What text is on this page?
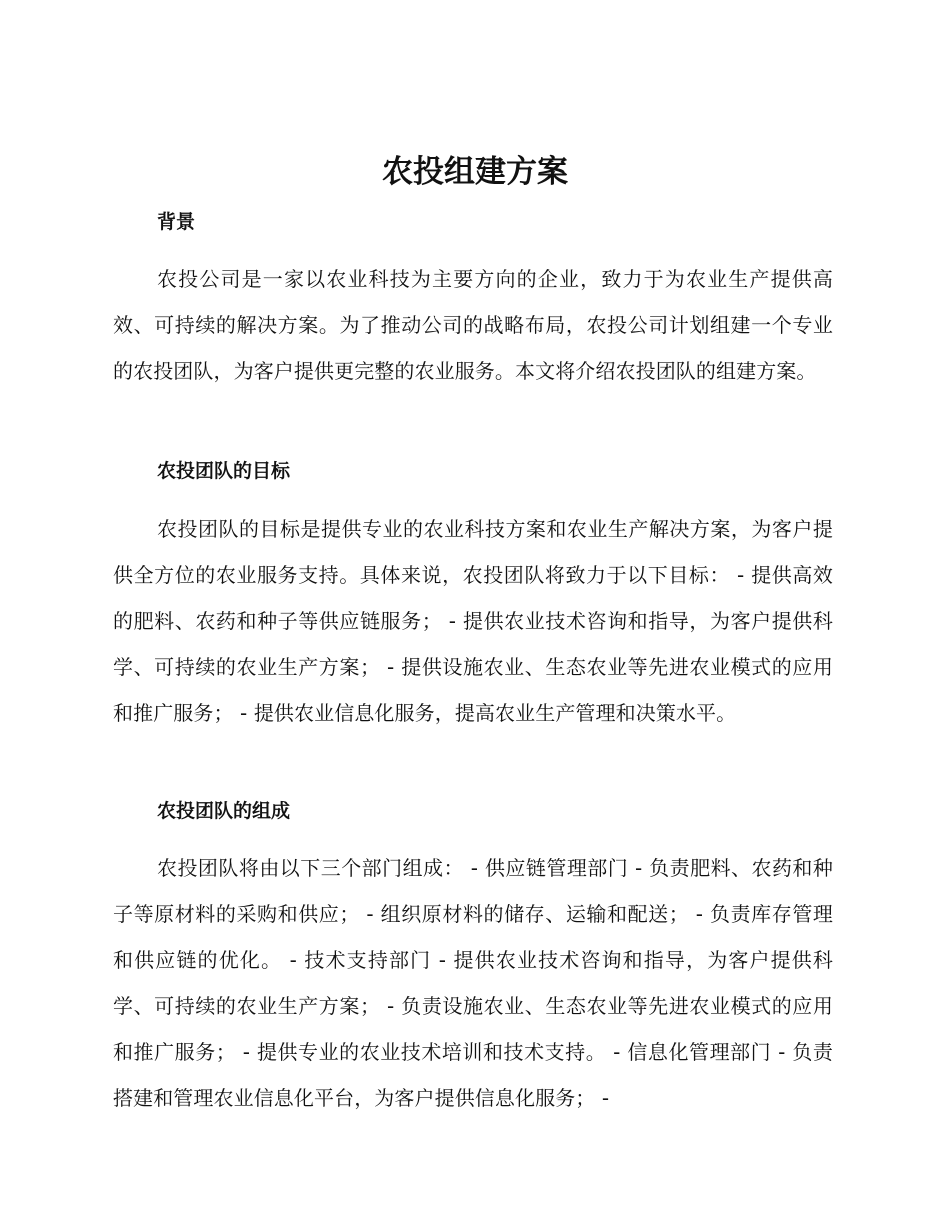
农投组建方案
背景

农投公司是一家以农业科技为主要方向的企业，致力于为农业生产提供高效、可持续的解决方案。为了推动公司的战略布局，农投公司计划组建一个专业的农投团队，为客户提供更完整的农业服务。本文将介绍农投团队的组建方案。

农投团队的目标

农投团队的目标是提供专业的农业科技方案和农业生产解决方案，为客户提供全方位的农业服务支持。具体来说，农投团队将致力于以下目标： - 提供高效的肥料、农药和种子等供应链服务； - 提供农业技术咨询和指导，为客户提供科学、可持续的农业生产方案； - 提供设施农业、生态农业等先进农业模式的应用和推广服务； - 提供农业信息化服务，提高农业生产管理和决策水平。

农投团队的组成

农投团队将由以下三个部门组成： - 供应链管理部门 - 负责肥料、农药和种子等原材料的采购和供应； - 组织原材料的储存、运输和配送； - 负责库存管理和供应链的优化。 - 技术支持部门 - 提供农业技术咨询和指导，为客户提供科学、可持续的农业生产方案； - 负责设施农业、生态农业等先进农业模式的应用和推广服务； - 提供专业的农业技术培训和技术支持。 - 信息化管理部门 - 负责搭建和管理农业信息化平台，为客户提供信息化服务； -
